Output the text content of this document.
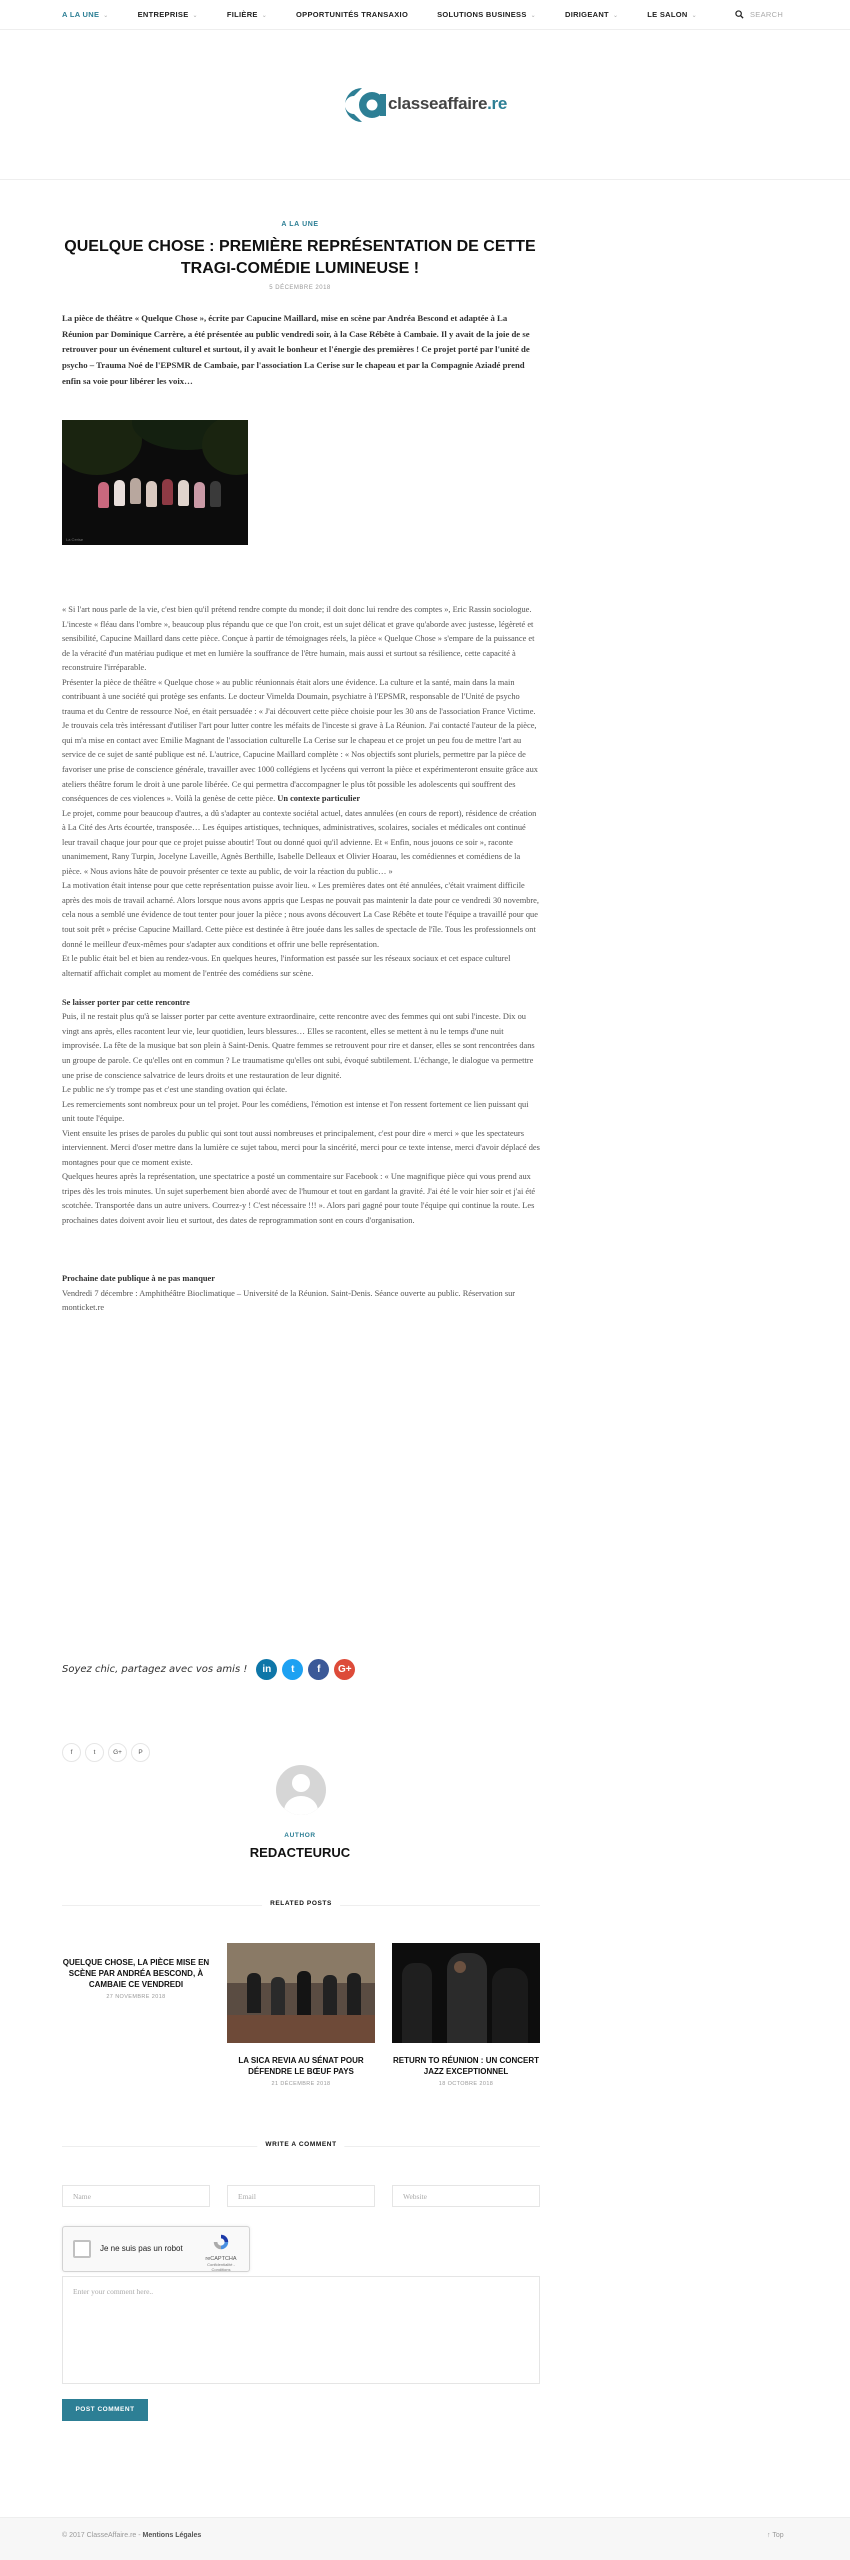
A LA UNE ⌄	ENTREPRISE ⌄	FILIÈRE ⌄	OPPORTUNITÉS TRANSAXIO	SOLUTIONS BUSINESS ⌄	DIRIGEANT ⌄	LE SALON ⌄	SEARCH
classeaffaire.re
A LA UNE
QUELQUE CHOSE : PREMIÈRE REPRÉSENTATION DE CETTE TRAGI-COMÉDIE LUMINEUSE !
5 DÉCEMBRE 2018

La pièce de théâtre « Quelque Chose », écrite par Capucine Maillard, mise en scène par Andréa Bescond et adaptée à La Réunion par Dominique Carrère, a été présentée au public vendredi soir, à la Case Rébête à Cambaie. Il y avait de la joie de se retrouver pour un événement culturel et surtout, il y avait le bonheur et l'énergie des premières ! Ce projet porté par l'unité de psycho – Trauma Noé de l'EPSMR de Cambaie, par l'association La Cerise sur le chapeau et par la Compagnie Aziadé prend enfin sa voie pour libérer les voix…

La Cerise

« Si l'art nous parle de la vie, c'est bien qu'il prétend rendre compte du monde; il doit donc lui rendre des comptes », Eric Rassin sociologue.

L'inceste « fléau dans l'ombre », beaucoup plus répandu que ce que l'on croit, est un sujet délicat et grave qu'aborde avec justesse, légèreté et sensibilité, Capucine Maillard dans cette pièce. Conçue à partir de témoignages réels, la pièce « Quelque Chose » s'empare de la puissance et de la véracité d'un matériau pudique et met en lumière la souffrance de l'être humain, mais aussi et surtout sa résilience, cette capacité à reconstruire l'irréparable.

Présenter la pièce de théâtre « Quelque chose » au public réunionnais était alors une évidence. La culture et la santé, main dans la main contribuant à une société qui protège ses enfants. Le docteur Vimelda Doumain, psychiatre à l'EPSMR, responsable de l'Unité de psycho trauma et du Centre de ressource Noé, en était persuadée : « J'ai découvert cette pièce choisie pour les 30 ans de l'association France Victime. Je trouvais cela très intéressant d'utiliser l'art pour lutter contre les méfaits de l'inceste si grave à La Réunion. J'ai contacté l'auteur de la pièce, qui m'a mise en contact avec Emilie Magnant de l'association culturelle La Cerise sur le chapeau et ce projet un peu fou de mettre l'art au service de ce sujet de santé publique est né. L'autrice, Capucine Maillard complète : « Nos objectifs sont pluriels, permettre par la pièce de favoriser une prise de conscience générale, travailler avec 1000 collégiens et lycéens qui verront la pièce et expérimenteront ensuite grâce aux ateliers théâtre forum le droit à une parole libérée. Ce qui permettra d'accompagner le plus tôt possible les adolescents qui souffrent des conséquences de ces violences ». Voilà la genèse de cette pièce. Un contexte particulier

Le projet, comme pour beaucoup d'autres, a dû s'adapter au contexte sociétal actuel, dates annulées (en cours de report), résidence de création à La Cité des Arts écourtée, transposée… Les équipes artistiques, techniques, administratives, scolaires, sociales et médicales ont continué leur travail chaque jour pour que ce projet puisse aboutir! Tout ou donné quoi qu'il advienne. Et « Enfin, nous jouons ce soir », raconte unanimement, Rany Turpin, Jocelyne Laveille, Agnès Berthille, Isabelle Delleaux et Olivier Hoarau, les comédiennes et comédiens de la pièce. « Nous avions hâte de pouvoir présenter ce texte au public, de voir la réaction du public… »

La motivation était intense pour que cette représentation puisse avoir lieu. « Les premières dates ont été annulées, c'était vraiment difficile après des mois de travail acharné. Alors lorsque nous avons appris que Lespas ne pouvait pas maintenir la date pour ce vendredi 30 novembre, cela nous a semblé une évidence de tout tenter pour jouer la pièce ; nous avons découvert La Case Rébête et toute l'équipe a travaillé pour que tout soit prêt » précise Capucine Maillard. Cette pièce est destinée à être jouée dans les salles de spectacle de l'île. Tous les professionnels ont donné le meilleur d'eux-mêmes pour s'adapter aux conditions et offrir une belle représentation.

Et le public était bel et bien au rendez-vous. En quelques heures, l'information est passée sur les réseaux sociaux et cet espace culturel alternatif affichait complet au moment de l'entrée des comédiens sur scène.

Se laisser porter par cette rencontre

Puis, il ne restait plus qu'à se laisser porter par cette aventure extraordinaire, cette rencontre avec des femmes qui ont subi l'inceste. Dix ou vingt ans après, elles racontent leur vie, leur quotidien, leurs blessures… Elles se racontent, elles se mettent à nu le temps d'une nuit improvisée. La fête de la musique bat son plein à Saint-Denis. Quatre femmes se retrouvent pour rire et danser, elles se sont rencontrées dans un groupe de parole. Ce qu'elles ont en commun ? Le traumatisme qu'elles ont subi, évoqué subtilement. L'échange, le dialogue va permettre une prise de conscience salvatrice de leurs droits et une restauration de leur dignité.

Le public ne s'y trompe pas et c'est une standing ovation qui éclate.

Les remerciements sont nombreux pour un tel projet. Pour les comédiens, l'émotion est intense et l'on ressent fortement ce lien puissant qui unit toute l'équipe.

Vient ensuite les prises de paroles du public qui sont tout aussi nombreuses et principalement, c'est pour dire « merci » que les spectateurs interviennent. Merci d'oser mettre dans la lumière ce sujet tabou, merci pour la sincérité, merci pour ce texte intense, merci d'avoir déplacé des montagnes pour que ce moment existe.

Quelques heures après la représentation, une spectatrice a posté un commentaire sur Facebook : « Une magnifique pièce qui vous prend aux tripes dès les trois minutes. Un sujet superbement bien abordé avec de l'humour et tout en gardant la gravité. J'ai été le voir hier soir et j'ai été scotchée. Transportée dans un autre univers. Courrez-y ! C'est nécessaire !!! ». Alors pari gagné pour toute l'équipe qui continue la route. Les prochaines dates doivent avoir lieu et surtout, des dates de reprogrammation sont en cours d'organisation.

Prochaine date publique à ne pas manquer

Vendredi 7 décembre : Amphithéâtre Bioclimatique – Université de la Réunion. Saint-Denis. Séance ouverte au public. Réservation sur monticket.re

Soyez chic, partagez avec vos amis ! in t f G+
f	t	G+	P
AUTHOR
REDACTEURUC
RELATED POSTS
QUELQUE CHOSE, LA PIÈCE MISE EN SCÈNE PAR ANDRÉA BESCOND, À CAMBAIE CE VENDREDI
27 NOVEMBRE 2018
LA SICA REVIA AU SÉNAT POUR DÉFENDRE LE BŒUF PAYS
21 DÉCEMBRE 2018
RETURN TO RÉUNION : UN CONCERT JAZZ EXCEPTIONNEL
18 OCTOBRE 2018
WRITE A COMMENT
Name	Email	Website
Je ne suis pas un robot
reCAPTCHA
Confidentialité - Conditions
Enter your comment here..
POST COMMENT
© 2017 ClasseAffaire.re - Mentions Légales	↑ Top
